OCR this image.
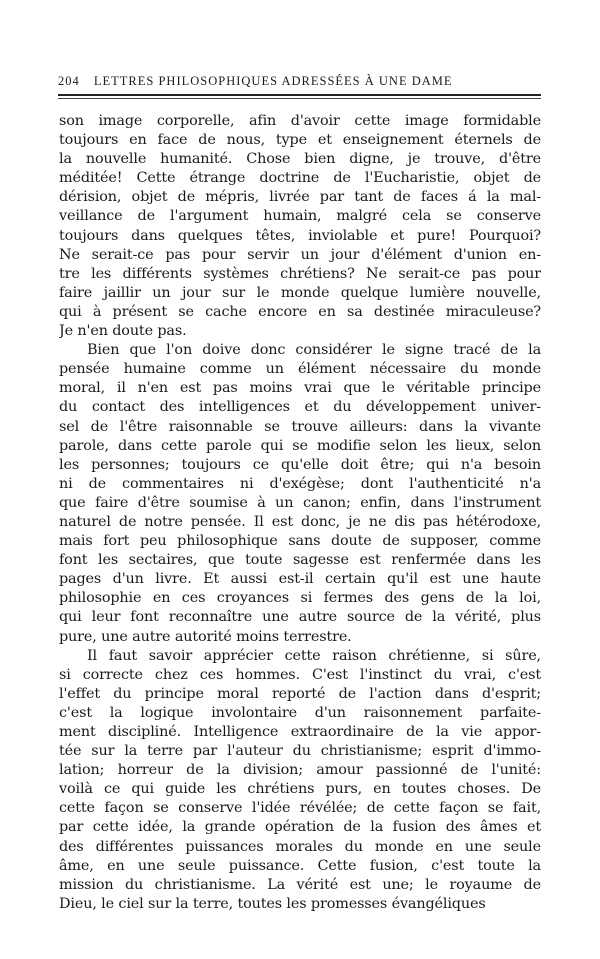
204 LETTRES PHILOSOPHIQUES ADRESSÉES À UNE DAME
son image corporelle, afin d'avoir cette image formidable
toujours en face de nous, type et enseignement éternels de
la nouvelle humanité. Chose bien digne, je trouve, d'être
méditée! Cette étrange doctrine de l'Eucharistie, objet de
dérision, objet de mépris, livrée par tant de faces á la mal-
veillance de l'argument humain, malgré cela se conserve
toujours dans quelques têtes, inviolable et pure! Pourquoi?
Ne serait-ce pas pour servir un jour d'élément d'union en-
tre les différents systèmes chrétiens? Ne serait-ce pas pour
faire jaillir un jour sur le monde quelque lumière nouvelle,
qui à présent se cache encore en sa destinée miraculeuse?
Je n'en doute pas.
Bien que l'on doive donc considérer le signe tracé de la
pensée humaine comme un élément nécessaire du monde
moral, il n'en est pas moins vrai que le véritable principe
du contact des intelligences et du développement univer-
sel de l'être raisonnable se trouve ailleurs: dans la vivante
parole, dans cette parole qui se modifie selon les lieux, selon
les personnes; toujours ce qu'elle doit être; qui n'a besoin
ni de commentaires ni d'exégèse; dont l'authenticité n'a
que faire d'être soumise à un canon; enfin, dans l'instrument
naturel de notre pensée. Il est donc, je ne dis pas hétérodoxe,
mais fort peu philosophique sans doute de supposer, comme
font les sectaires, que toute sagesse est renfermée dans les
pages d'un livre. Et aussi est-il certain qu'il est une haute
philosophie en ces croyances si fermes des gens de la loi,
qui leur font reconnaître une autre source de la vérité, plus
pure, une autre autorité moins terrestre.
Il faut savoir apprécier cette raison chrétienne, si sûre,
si correcte chez ces hommes. C'est l'instinct du vrai, c'est
l'effet du principe moral reporté de l'action dans d'esprit;
c'est la logique involontaire d'un raisonnement parfaite-
ment discipliné. Intelligence extraordinaire de la vie appor-
tée sur la terre par l'auteur du christianisme; esprit d'immo-
lation; horreur de la division; amour passionné de l'unité:
voilà ce qui guide les chrétiens purs, en toutes choses. De
cette façon se conserve l'idée révélée; de cette façon se fait,
par cette idée, la grande opération de la fusion des âmes et
des différentes puissances morales du monde en une seule
âme, en une seule puissance. Cette fusion, c'est toute la
mission du christianisme. La vérité est une; le royaume de
Dieu, le ciel sur la terre, toutes les promesses évangéliques
